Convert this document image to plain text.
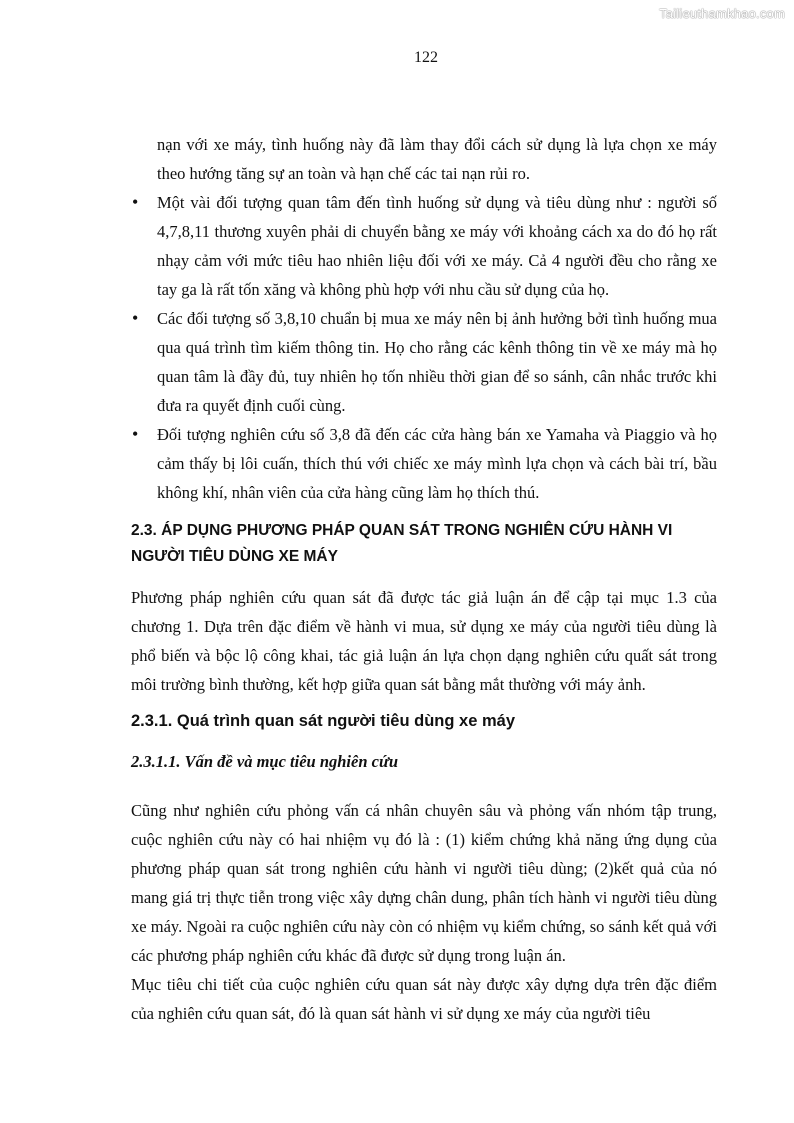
Tailieuthamkhao.com

122

nạn với xe máy, tình huống này đã làm thay đổi cách sử dụng là lựa chọn xe máy theo hướng tăng sự an toàn và hạn chế các tai nạn rủi ro.

• Một vài đối tượng quan tâm đến tình huống sử dụng và tiêu dùng như : người số 4,7,8,11 thương xuyên phải di chuyển bằng xe máy với khoảng cách xa do đó họ rất nhạy cảm với mức tiêu hao nhiên liệu đối với xe máy. Cả 4 người đều cho rằng xe tay ga là rất tốn xăng và không phù hợp với nhu cầu sử dụng của họ.
• Các đối tượng số 3,8,10 chuẩn bị mua xe máy nên bị ảnh hưởng bởi tình huống mua qua quá trình tìm kiếm thông tin. Họ cho rằng các kênh thông tin về xe máy mà họ quan tâm là đầy đủ, tuy nhiên họ tốn nhiều thời gian để so sánh, cân nhắc trước khi đưa ra quyết định cuối cùng.
• Đối tượng nghiên cứu số 3,8 đã đến các cửa hàng bán xe Yamaha và Piaggio và họ cảm thấy bị lôi cuấn, thích thú với chiếc xe máy mình lựa chọn và cách bài trí, bầu không khí, nhân viên của cửa hàng cũng làm họ thích thú.
2.3. ÁP DỤNG PHƯƠNG PHÁP QUAN SÁT TRONG NGHIÊN CỨU HÀNH VI NGƯỜI TIÊU DÙNG XE MÁY

Phương pháp nghiên cứu quan sát đã được tác giả luận án để cập tại mục 1.3 của chương 1. Dựa trên đặc điểm về hành vi mua, sử dụng xe máy của người tiêu dùng là phổ biến và bộc lộ công khai, tác giả luận án lựa chọn dạng nghiên cứu quất sát trong môi trường bình thường, kết hợp giữa quan sát bằng mắt thường với máy ảnh.

2.3.1. Quá trình quan sát người tiêu dùng xe máy
2.3.1.1. Vấn đề và mục tiêu nghiên cứu

Cũng như nghiên cứu phỏng vấn cá nhân chuyên sâu và phỏng vấn nhóm tập trung, cuộc nghiên cứu này có hai nhiệm vụ đó là : (1) kiểm chứng khả năng ứng dụng của phương pháp quan sát trong nghiên cứu hành vi người tiêu dùng; (2)kết quả của nó mang giá trị thực tiễn trong việc xây dựng chân dung, phân tích hành vi người tiêu dùng xe máy. Ngoài ra cuộc nghiên cứu này còn có nhiệm vụ kiểm chứng, so sánh kết quả với các phương pháp nghiên cứu khác đã được sử dụng trong luận án.

Mục tiêu chi tiết của cuộc nghiên cứu quan sát này được xây dựng dựa trên đặc điểm của nghiên cứu quan sát, đó là quan sát hành vi sử dụng xe máy của người tiêu
